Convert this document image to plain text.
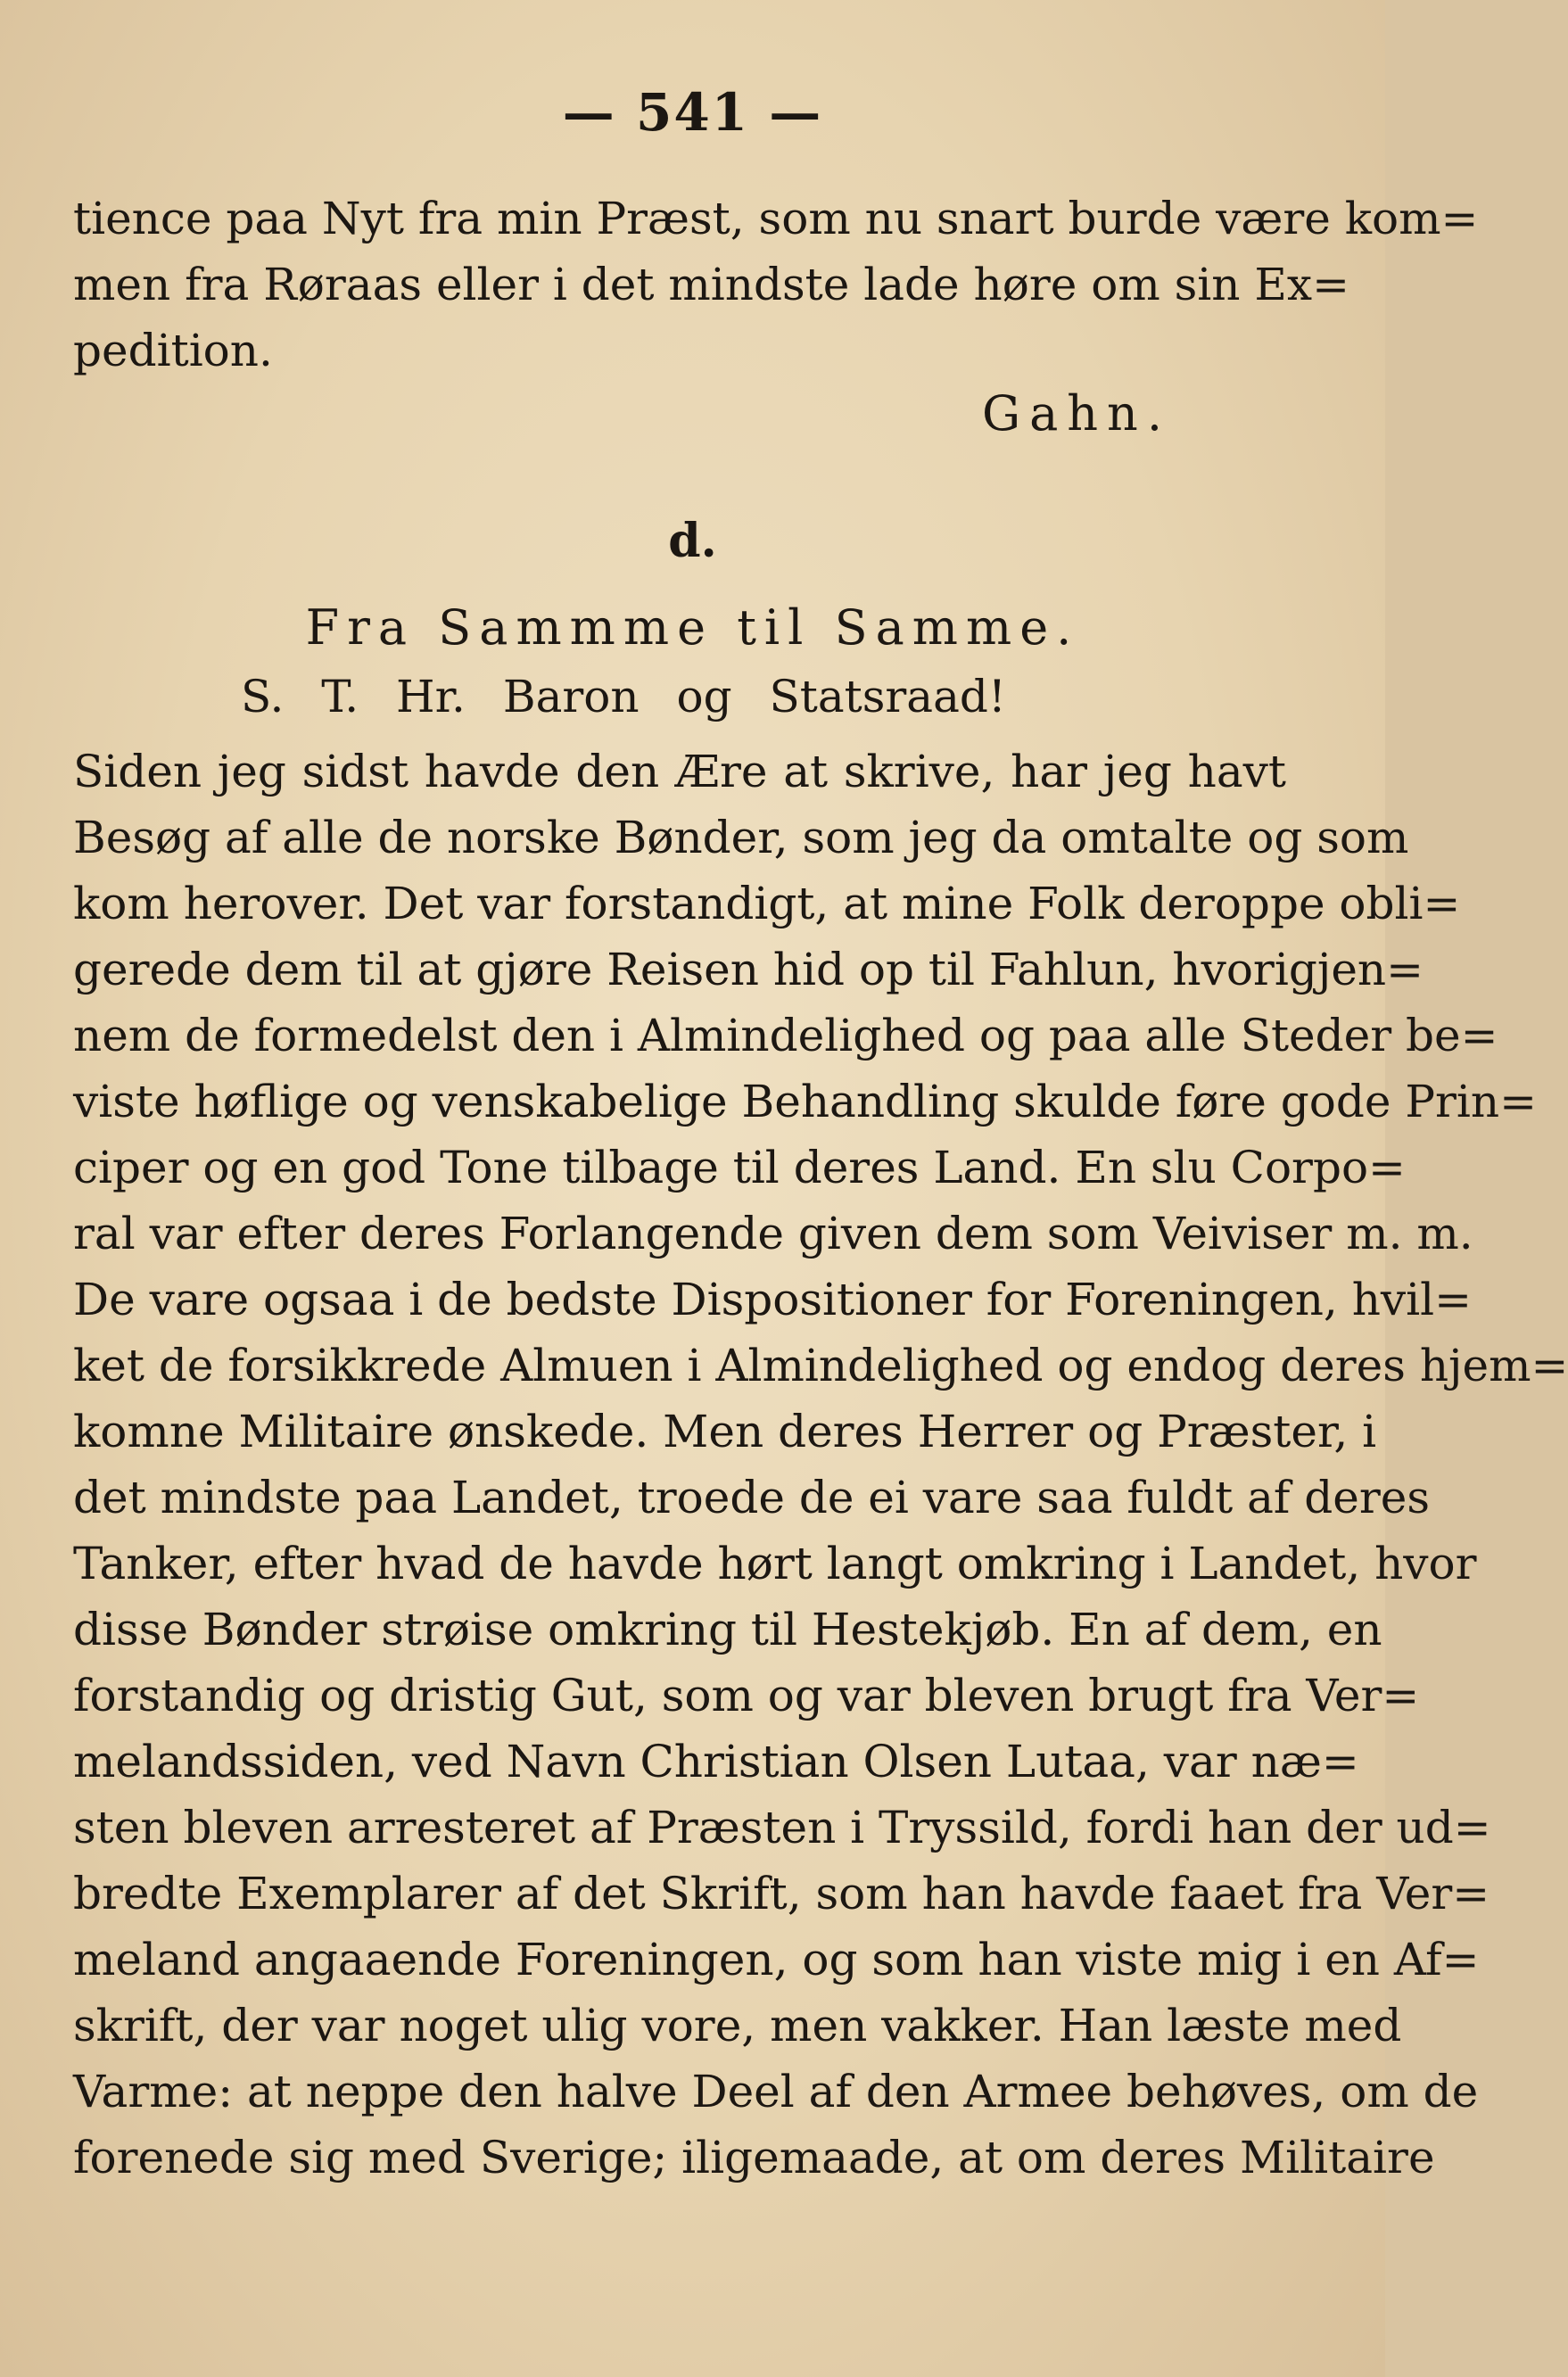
— 541 —
tience paa Nyt fra min Præst, som nu snart burde være kom=
men fra Røraas eller i det mindste lade høre om sin Ex=
pedition.
Gahn.
d.
Fra Sammme til Samme.
S. T. Hr. Baron og Statsraad!
Siden jeg sidst havde den Ære at skrive, har jeg havt
Besøg af alle de norske Bønder, som jeg da omtalte og som
kom herover. Det var forstandigt, at mine Folk deroppe obli=
gerede dem til at gjøre Reisen hid op til Fahlun, hvorigjen=
nem de formedelst den i Almindelighed og paa alle Steder be=
viste høflige og venskabelige Behandling skulde føre gode Prin=
ciper og en god Tone tilbage til deres Land. En slu Corpo=
ral var efter deres Forlangende given dem som Veiviser m. m.
De vare ogsaa i de bedste Dispositioner for Foreningen, hvil=
ket de forsikkrede Almuen i Almindelighed og endog deres hjem=
komne Militaire ønskede. Men deres Herrer og Præster, i
det mindste paa Landet, troede de ei vare saa fuldt af deres
Tanker, efter hvad de havde hørt langt omkring i Landet, hvor
disse Bønder strøise omkring til Hestekjøb. En af dem, en
forstandig og dristig Gut, som og var bleven brugt fra Ver=
melandssiden, ved Navn Christian Olsen Lutaa, var næ=
sten bleven arresteret af Præsten i Tryssild, fordi han der ud=
bredte Exemplarer af det Skrift, som han havde faaet fra Ver=
meland angaaende Foreningen, og som han viste mig i en Af=
skrift, der var noget ulig vore, men vakker. Han læste med
Varme: at neppe den halve Deel af den Armee behøves, om de
forenede sig med Sverige; iligemaade, at om deres Militaire
